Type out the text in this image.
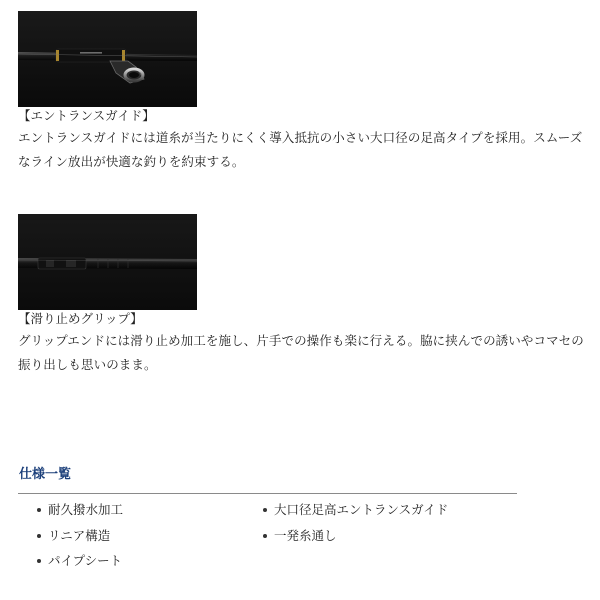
【エントランスガイド】

エントランスガイドには道糸が当たりにくく導入抵抗の小さい大口径の足高タイプを採用。スムーズなライン放出が快適な釣りを約束する。

【滑り止めグリップ】

グリップエンドには滑り止め加工を施し、片手での操作も楽に行える。脇に挟んでの誘いやコマセの振り出しも思いのまま。

仕様一覧
耐久撥水加工	大口径足高エントランスガイド
リニア構造	一発糸通し
パイプシート
